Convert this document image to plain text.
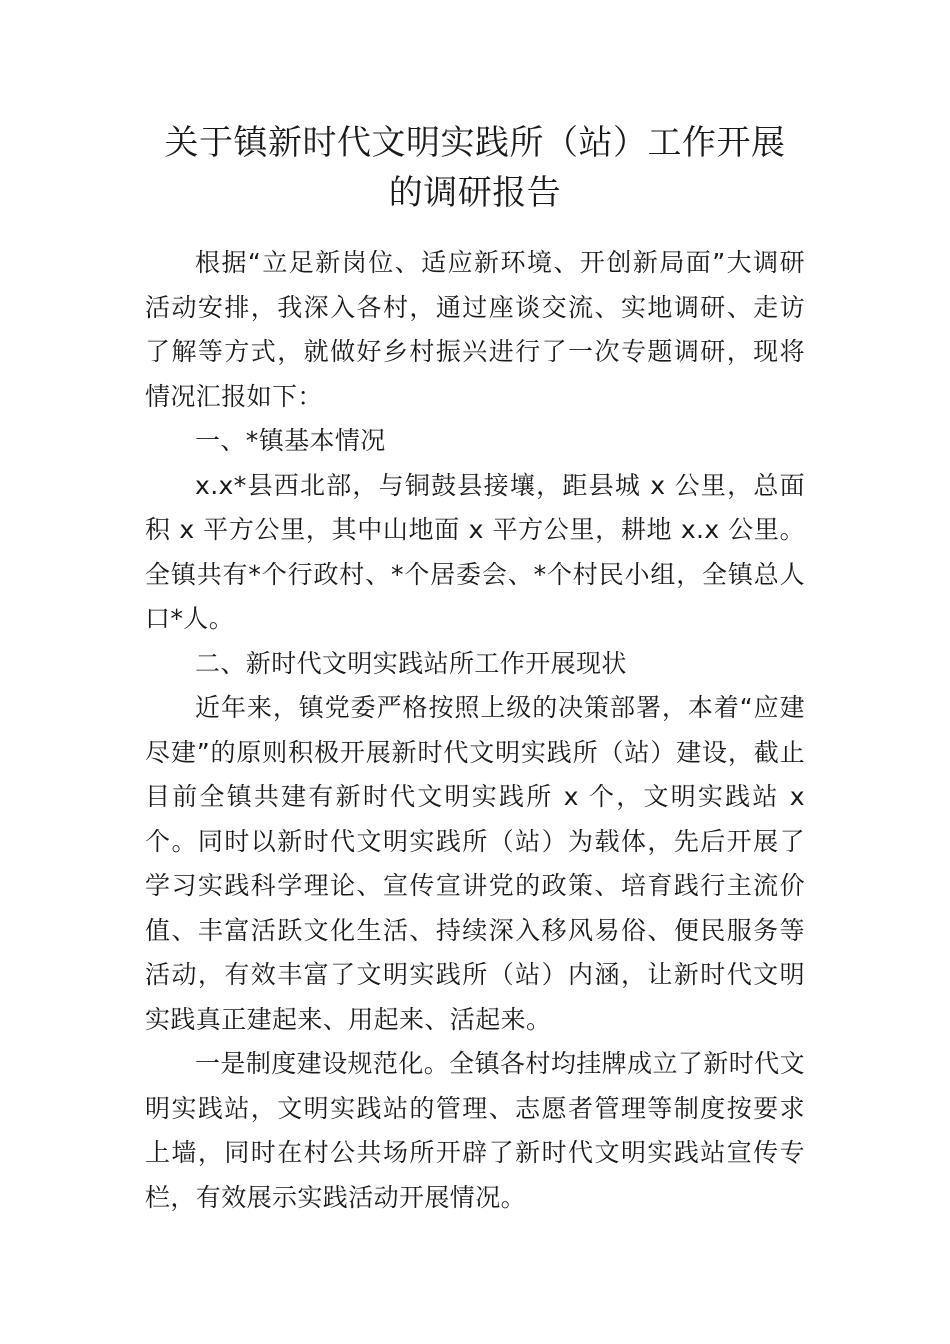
关于镇新时代文明实践所（站）工作开展
的调研报告

根据“立足新岗位、适应新环境、开创新局面”大调研活动安排，我深入各村，通过座谈交流、实地调研、走访了解等方式，就做好乡村振兴进行了一次专题调研，现将情况汇报如下：

一、*镇基本情况

x.x*县西北部，与铜鼓县接壤，距县城 x 公里，总面积 x 平方公里，其中山地面 x 平方公里，耕地 x.x 公里。全镇共有*个行政村、*个居委会、*个村民小组，全镇总人口*人。

二、新时代文明实践站所工作开展现状

近年来，镇党委严格按照上级的决策部署，本着“应建尽建”的原则积极开展新时代文明实践所（站）建设，截止目前全镇共建有新时代文明实践所 x 个，文明实践站 x 个。同时以新时代文明实践所（站）为载体，先后开展了学习实践科学理论、宣传宣讲党的政策、培育践行主流价值、丰富活跃文化生活、持续深入移风易俗、便民服务等活动，有效丰富了文明实践所（站）内涵，让新时代文明实践真正建起来、用起来、活起来。

一是制度建设规范化。全镇各村均挂牌成立了新时代文明实践站，文明实践站的管理、志愿者管理等制度按要求上墙，同时在村公共场所开辟了新时代文明实践站宣传专栏，有效展示实践活动开展情况。
